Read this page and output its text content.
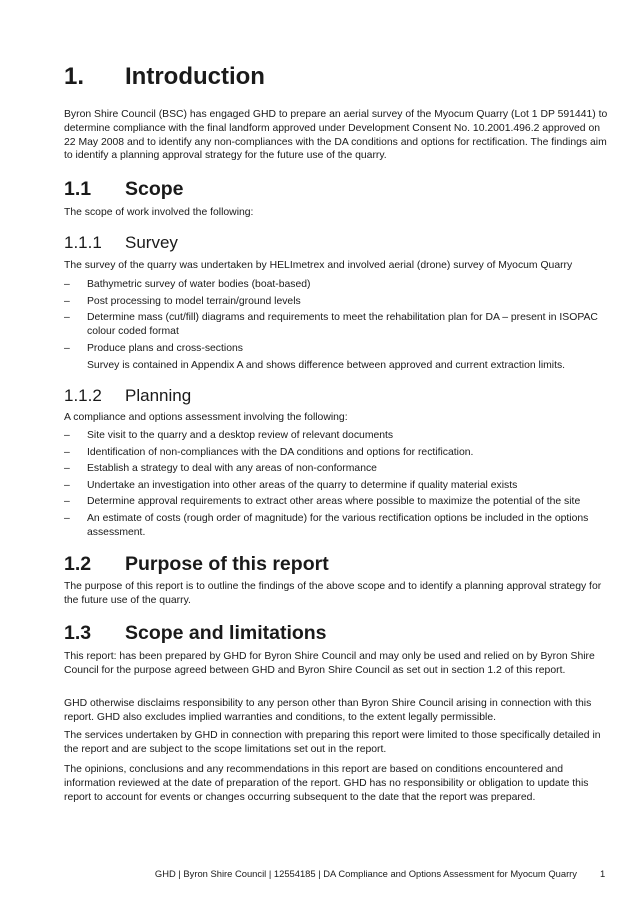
1.	Introduction

Byron Shire Council (BSC) has engaged GHD to prepare an aerial survey of the Myocum Quarry (Lot 1 DP 591441) to determine compliance with the final landform approved under Development Consent No. 10.2001.496.2 approved on 22 May 2008 and to identify any non-compliances with the DA conditions and options for rectification. The findings aim to identify a planning approval strategy for the future use of the quarry.

1.1	Scope

The scope of work involved the following:

1.1.1	Survey

The survey of the quarry was undertaken by HELImetrex and involved aerial (drone) survey of Myocum Quarry

– Bathymetric survey of water bodies (boat-based)
– Post processing to model terrain/ground levels
– Determine mass (cut/fill) diagrams and requirements to meet the rehabilitation plan for DA – present in ISOPAC colour coded format
– Produce plans and cross-sections

Survey is contained in Appendix A and shows difference between approved and current extraction limits.

1.1.2	Planning

A compliance and options assessment involving the following:

– Site visit to the quarry and a desktop review of relevant documents
– Identification of non-compliances with the DA conditions and options for rectification.
– Establish a strategy to deal with any areas of non-conformance
– Undertake an investigation into other areas of the quarry to determine if quality material exists
– Determine approval requirements to extract other areas where possible to maximize the potential of the site
– An estimate of costs (rough order of magnitude) for the various rectification options be included in the options assessment.
1.2	Purpose of this report

The purpose of this report is to outline the findings of the above scope and to identify a planning approval strategy for the future use of the quarry.

1.3	Scope and limitations

This report: has been prepared by GHD for Byron Shire Council and may only be used and relied on by Byron Shire Council for the purpose agreed between GHD and Byron Shire Council as set out in section 1.2 of this report.

GHD otherwise disclaims responsibility to any person other than Byron Shire Council arising in connection with this report. GHD also excludes implied warranties and conditions, to the extent legally permissible.

The services undertaken by GHD in connection with preparing this report were limited to those specifically detailed in the report and are subject to the scope limitations set out in the report.

The opinions, conclusions and any recommendations in this report are based on conditions encountered and information reviewed at the date of preparation of the report. GHD has no responsibility or obligation to update this report to account for events or changes occurring subsequent to the date that the report was prepared.

GHD | Byron Shire Council | 12554185 | DA Compliance and Options Assessment for Myocum Quarry 1
